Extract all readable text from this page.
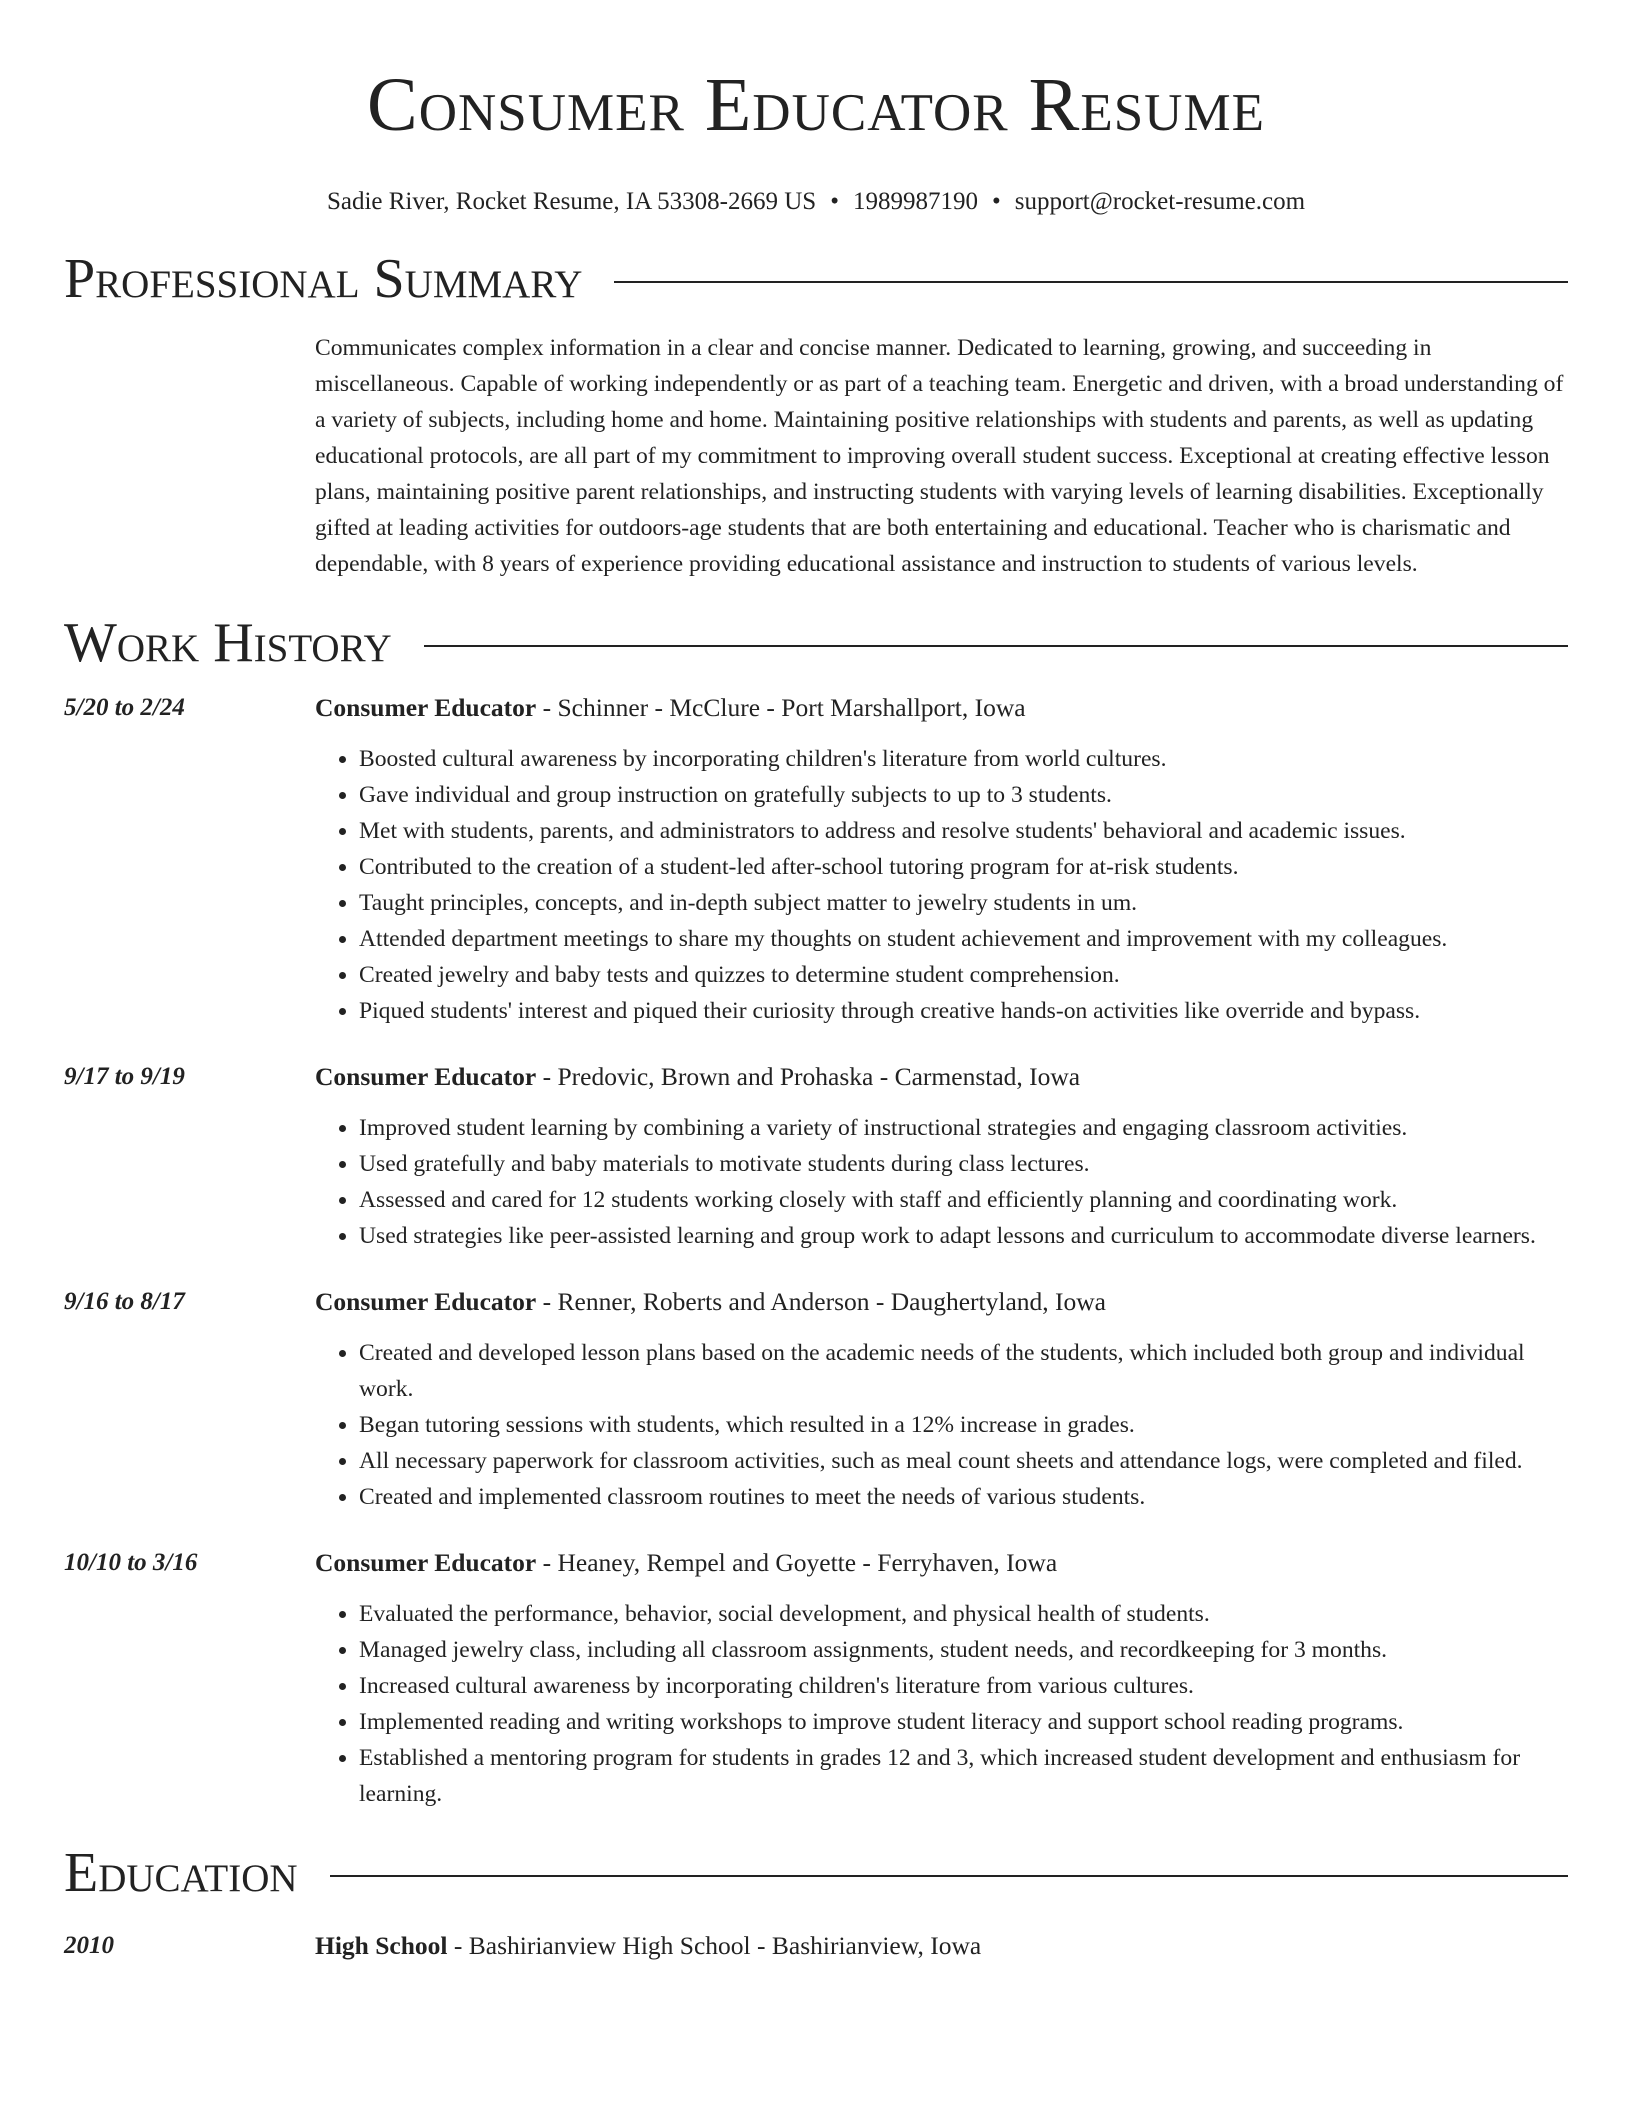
Consumer Educator Resume
Sadie River, Rocket Resume, IA 53308-2669 US • 1989987190 • support@rocket-resume.com
Professional Summary
Communicates complex information in a clear and concise manner. Dedicated to learning, growing, and succeeding in miscellaneous. Capable of working independently or as part of a teaching team. Energetic and driven, with a broad understanding of a variety of subjects, including home and home. Maintaining positive relationships with students and parents, as well as updating educational protocols, are all part of my commitment to improving overall student success. Exceptional at creating effective lesson plans, maintaining positive parent relationships, and instructing students with varying levels of learning disabilities. Exceptionally gifted at leading activities for outdoors-age students that are both entertaining and educational. Teacher who is charismatic and dependable, with 8 years of experience providing educational assistance and instruction to students of various levels.
Work History
5/20 to 2/24	Consumer Educator - Schinner - McClure - Port Marshallport, Iowa
• Boosted cultural awareness by incorporating children's literature from world cultures.
• Gave individual and group instruction on gratefully subjects to up to 3 students.
• Met with students, parents, and administrators to address and resolve students' behavioral and academic issues.
• Contributed to the creation of a student-led after-school tutoring program for at-risk students.
• Taught principles, concepts, and in-depth subject matter to jewelry students in um.
• Attended department meetings to share my thoughts on student achievement and improvement with my colleagues.
• Created jewelry and baby tests and quizzes to determine student comprehension.
• Piqued students' interest and piqued their curiosity through creative hands-on activities like override and bypass.
9/17 to 9/19	Consumer Educator - Predovic, Brown and Prohaska - Carmenstad, Iowa
• Improved student learning by combining a variety of instructional strategies and engaging classroom activities.
• Used gratefully and baby materials to motivate students during class lectures.
• Assessed and cared for 12 students working closely with staff and efficiently planning and coordinating work.
• Used strategies like peer-assisted learning and group work to adapt lessons and curriculum to accommodate diverse learners.
9/16 to 8/17	Consumer Educator - Renner, Roberts and Anderson - Daughertyland, Iowa
• Created and developed lesson plans based on the academic needs of the students, which included both group and individual work.
• Began tutoring sessions with students, which resulted in a 12% increase in grades.
• All necessary paperwork for classroom activities, such as meal count sheets and attendance logs, were completed and filed.
• Created and implemented classroom routines to meet the needs of various students.
10/10 to 3/16	Consumer Educator - Heaney, Rempel and Goyette - Ferryhaven, Iowa
• Evaluated the performance, behavior, social development, and physical health of students.
• Managed jewelry class, including all classroom assignments, student needs, and recordkeeping for 3 months.
• Increased cultural awareness by incorporating children's literature from various cultures.
• Implemented reading and writing workshops to improve student literacy and support school reading programs.
• Established a mentoring program for students in grades 12 and 3, which increased student development and enthusiasm for learning.
Education
2010	High School - Bashirianview High School - Bashirianview, Iowa
